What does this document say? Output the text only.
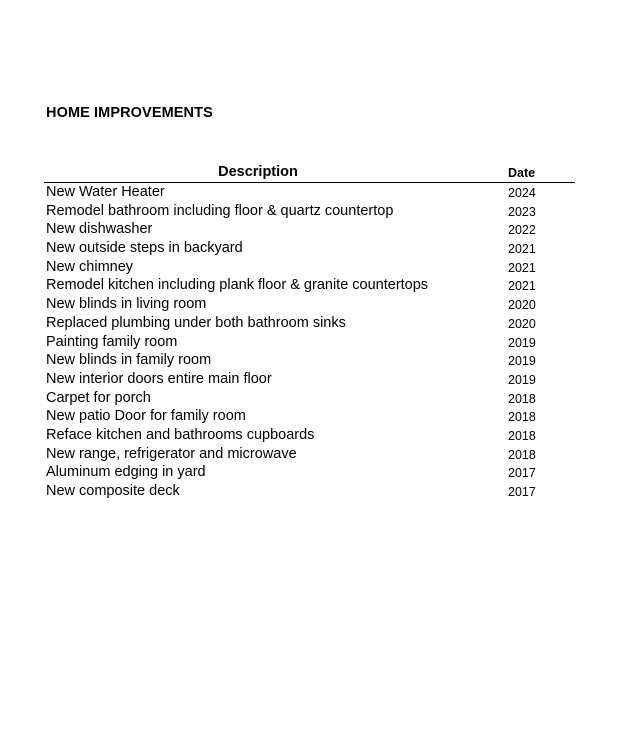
HOME IMPROVEMENTS
Description	Date
New Water Heater	2024
Remodel bathroom including floor & quartz countertop	2023
New dishwasher	2022
New outside steps in backyard	2021
New chimney	2021
Remodel kitchen including plank floor & granite countertops	2021
New blinds in living room	2020
Replaced plumbing under both bathroom sinks	2020
Painting family room	2019
New blinds in family room	2019
New interior doors entire main floor	2019
Carpet for porch	2018
New patio Door for family room	2018
Reface kitchen and bathrooms cupboards	2018
New range, refrigerator and microwave	2018
Aluminum edging in yard	2017
New composite deck	2017
